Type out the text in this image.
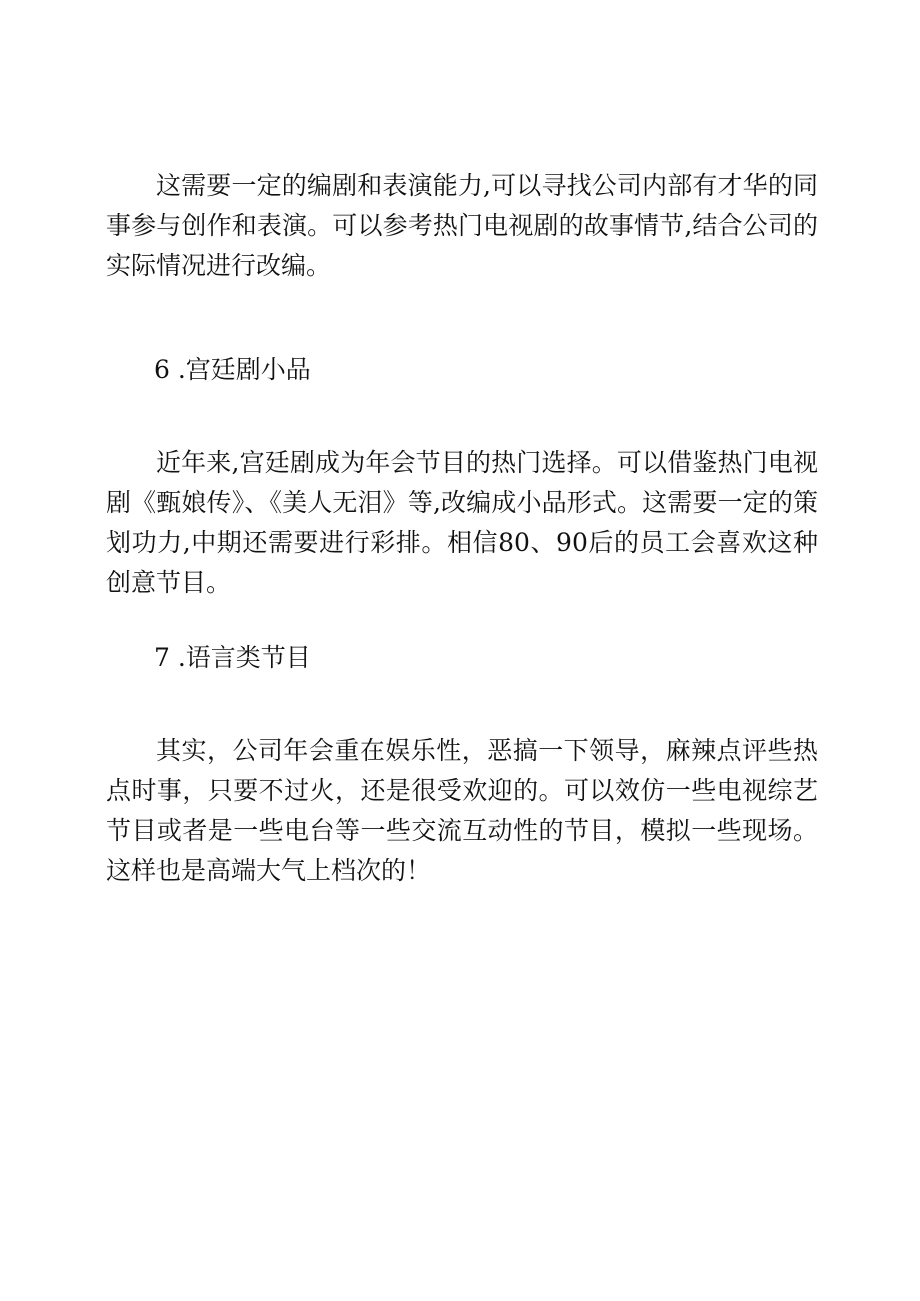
这需要一定的编剧和表演能力,可以寻找公司内部有才华的同事参与创作和表演。可以参考热门电视剧的故事情节,结合公司的实际情况进行改编。

6 .宫廷剧小品

近年来,宫廷剧成为年会节目的热门选择。可以借鉴热门电视剧《甄娘传》、《美人无泪》等,改编成小品形式。这需要一定的策划功力,中期还需要进行彩排。相信80、90后的员工会喜欢这种创意节目。

7 .语言类节目

其实，公司年会重在娱乐性，恶搞一下领导，麻辣点评些热点时事，只要不过火，还是很受欢迎的。可以效仿一些电视综艺节目或者是一些电台等一些交流互动性的节目，模拟一些现场。这样也是高端大气上档次的！
